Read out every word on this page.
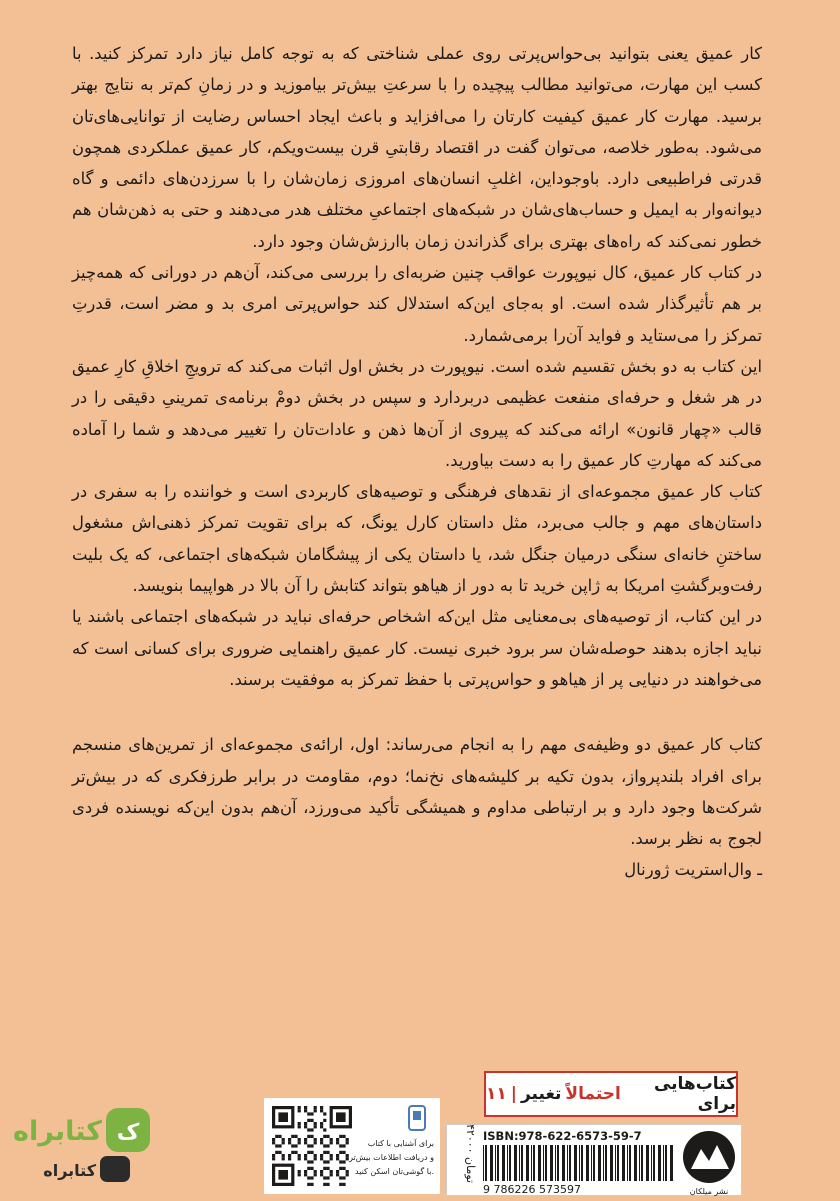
کار عمیق یعنی بتوانید بی‌حواس‌پرتی روی عملی شناختی که به توجه کامل نیاز دارد تمرکز کنید. با کسب این مهارت، می‌توانید مطالب پیچیده را با سرعتِ بیش‌تر بیاموزید و در زمانِ کم‌تر به نتایج بهتر برسید. مهارت کار عمیق کیفیت کارتان را می‌افزاید و باعث ایجاد احساس رضایت از توانایی‌های‌تان می‌شود. به‌طور خلاصه، می‌توان گفت در اقتصاد رقابتیِ قرن بیست‌ویکم، کار عمیق عملکردی همچون قدرتی فراطبیعی دارد. باوجوداین، اغلبِ انسان‌های امروزی زمان‌شان را با سرزدن‌های دائمی و گاه دیوانه‌وار به ایمیل و حساب‌های‌شان در شبکه‌های اجتماعیِ مختلف هدر می‌دهند و حتی به ذهن‌شان هم خطور نمی‌کند که راه‌های بهتری برای گذراندن زمان باارزش‌شان وجود دارد.

در کتاب کار عمیق، کال نیوپورت عواقب چنین ضربه‌ای را بررسی می‌کند، آن‌هم در دورانی که همه‌چیز بر هم تأثیرگذار شده است. او به‌جای این‌که استدلال کند حواس‌پرتی امری بد و مضر است، قدرتِ تمرکز را می‌ستاید و فواید آن‌را برمی‌شمارد.

این کتاب به دو بخش تقسیم شده است. نیوپورت در بخش اول اثبات می‌کند که ترویجِ اخلاقِ کارِ عمیق در هر شغل و حرفه‌ای منفعت عظیمی دربردارد و سپس در بخش دومْ برنامه‌ی تمرینیِ دقیقی را در قالب «چهار قانون» ارائه می‌کند که پیروی از آن‌ها ذهن و عادات‌تان را تغییر می‌دهد و شما را آماده می‌کند که مهارتِ کار عمیق را به دست بیاورید.

کتاب کار عمیق مجموعه‌ای از نقدهای فرهنگی و توصیه‌های کاربردی است و خواننده را به سفری در داستان‌های مهم و جالب می‌برد، مثل داستان کارل یونگ، که برای تقویت تمرکز ذهنی‌اش مشغول ساختنِ خانه‌ای سنگی درمیان جنگل شد، یا داستان یکی از پیشگامان شبکه‌های اجتماعی، که یک بلیت رفت‌وبرگشتِ امریکا به ژاپن خرید تا به دور از هیاهو بتواند کتابش را آن بالا در هواپیما بنویسد.

در این کتاب، از توصیه‌های بی‌معنایی مثل این‌که اشخاص حرفه‌ای نباید در شبکه‌های اجتماعی باشند یا نباید اجازه بدهند حوصله‌شان سر برود خبری نیست. کار عمیق راهنمایی ضروری برای کسانی است که می‌خواهند در دنیایی پر از هیاهو و حواس‌پرتی با حفظ تمرکز به موفقیت برسند.

کتاب کار عمیق دو وظیفه‌ی مهم را به انجام می‌رساند: اول، ارائه‌ی مجموعه‌ای از تمرین‌های منسجم برای افراد بلندپرواز، بدون تکیه بر کلیشه‌های نخ‌نما؛ دوم، مقاومت در برابر طرزفکری که در بیش‌تر شرکت‌ها وجود دارد و بر ارتباطی مداوم و همیشگی تأکید می‌ورزد، آن‌هم بدون این‌که نویسنده فردی لجوج به نظر برسد.

ـ وال‌استریت ژورنال

کتاب‌هایی برای
احتمالاً
تغییر
|
۱۱
۴۲۰۰۰ تومان
ISBN:978-622-6573-59-7
9 786226 573597	نشر میلکان
برای آشنایی با کتاب
و دریافت اطلاعات بیش‌تر
با گوشی‌تان اسکن کنید.
ک
کتابراه
کتابراه
